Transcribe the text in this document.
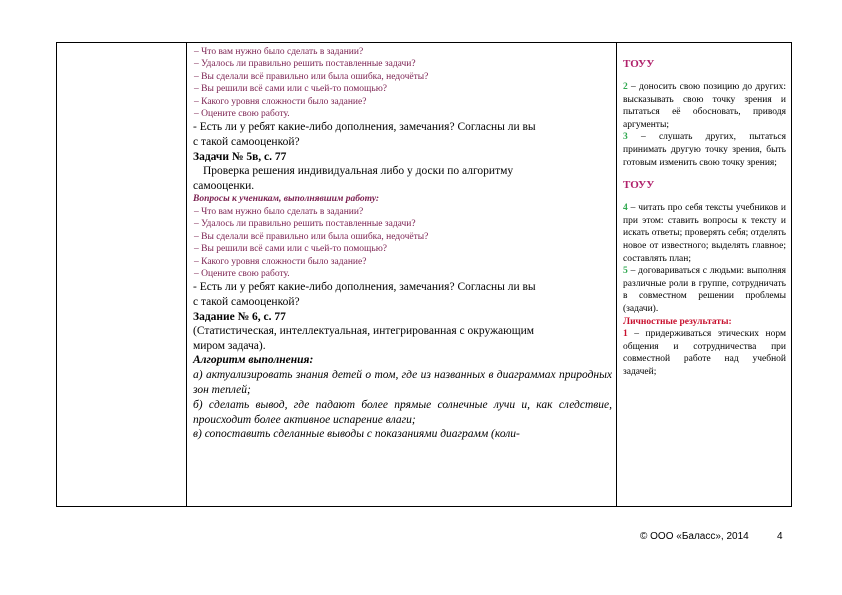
– Что вам нужно было сделать в задании?
– Удалось ли правильно решить поставленные задачи?
– Вы сделали всё правильно или была ошибка, недочёты?
– Вы решили всё сами или с чьей-то помощью?
– Какого уровня сложности было задание?
– Оцените свою работу.
- Есть ли у ребят какие-либо дополнения, замечания? Согласны ли вы
с такой самооценкой?
Задачи № 5в, с. 77
Проверка решения индивидуальная либо у доски по алгоритму
самооценки.
Вопросы к ученикам, выполнявшим работу:
– Что вам нужно было сделать в задании?
– Удалось ли правильно решить поставленные задачи?
– Вы сделали всё правильно или была ошибка, недочёты?
– Вы решили всё сами или с чьей-то помощью?
– Какого уровня сложности было задание?
– Оцените свою работу.
- Есть ли у ребят какие-либо дополнения, замечания? Согласны ли вы
с такой самооценкой?
Задание № 6, с. 77
(Статистическая, интеллектуальная, интегрированная с окружающим
миром задача).
Алгоритм выполнения:
а) актуализировать знания детей о том, где из названных в диаграммах природных зон теплей;
б) сделать вывод, где падают более прямые солнечные лучи и, как следствие, происходит более активное испарение влаги;
в) сопоставить сделанные выводы с показаниями диаграмм (коли-
ТОУУ
2 – доносить свою позицию до других: высказывать свою точку зрения и пытаться её обосновать, приводя аргументы;
3 – слушать других, пытаться принимать другую точку зрения, быть готовым изменить свою точку зрения;
ТОУУ
4 – читать про себя тексты учебников и при этом: ставить вопросы к тексту и искать ответы; проверять себя; отделять новое от известного; выделять главное; составлять план;
5 – договариваться с людьми: выполняя различные роли в группе, сотрудничать в совместном решении проблемы (задачи).
Личностные результаты:
1 – придерживаться этических норм общения и сотрудничества при совместной работе над учебной задачей;
© ООО «Баласс», 2014	4
